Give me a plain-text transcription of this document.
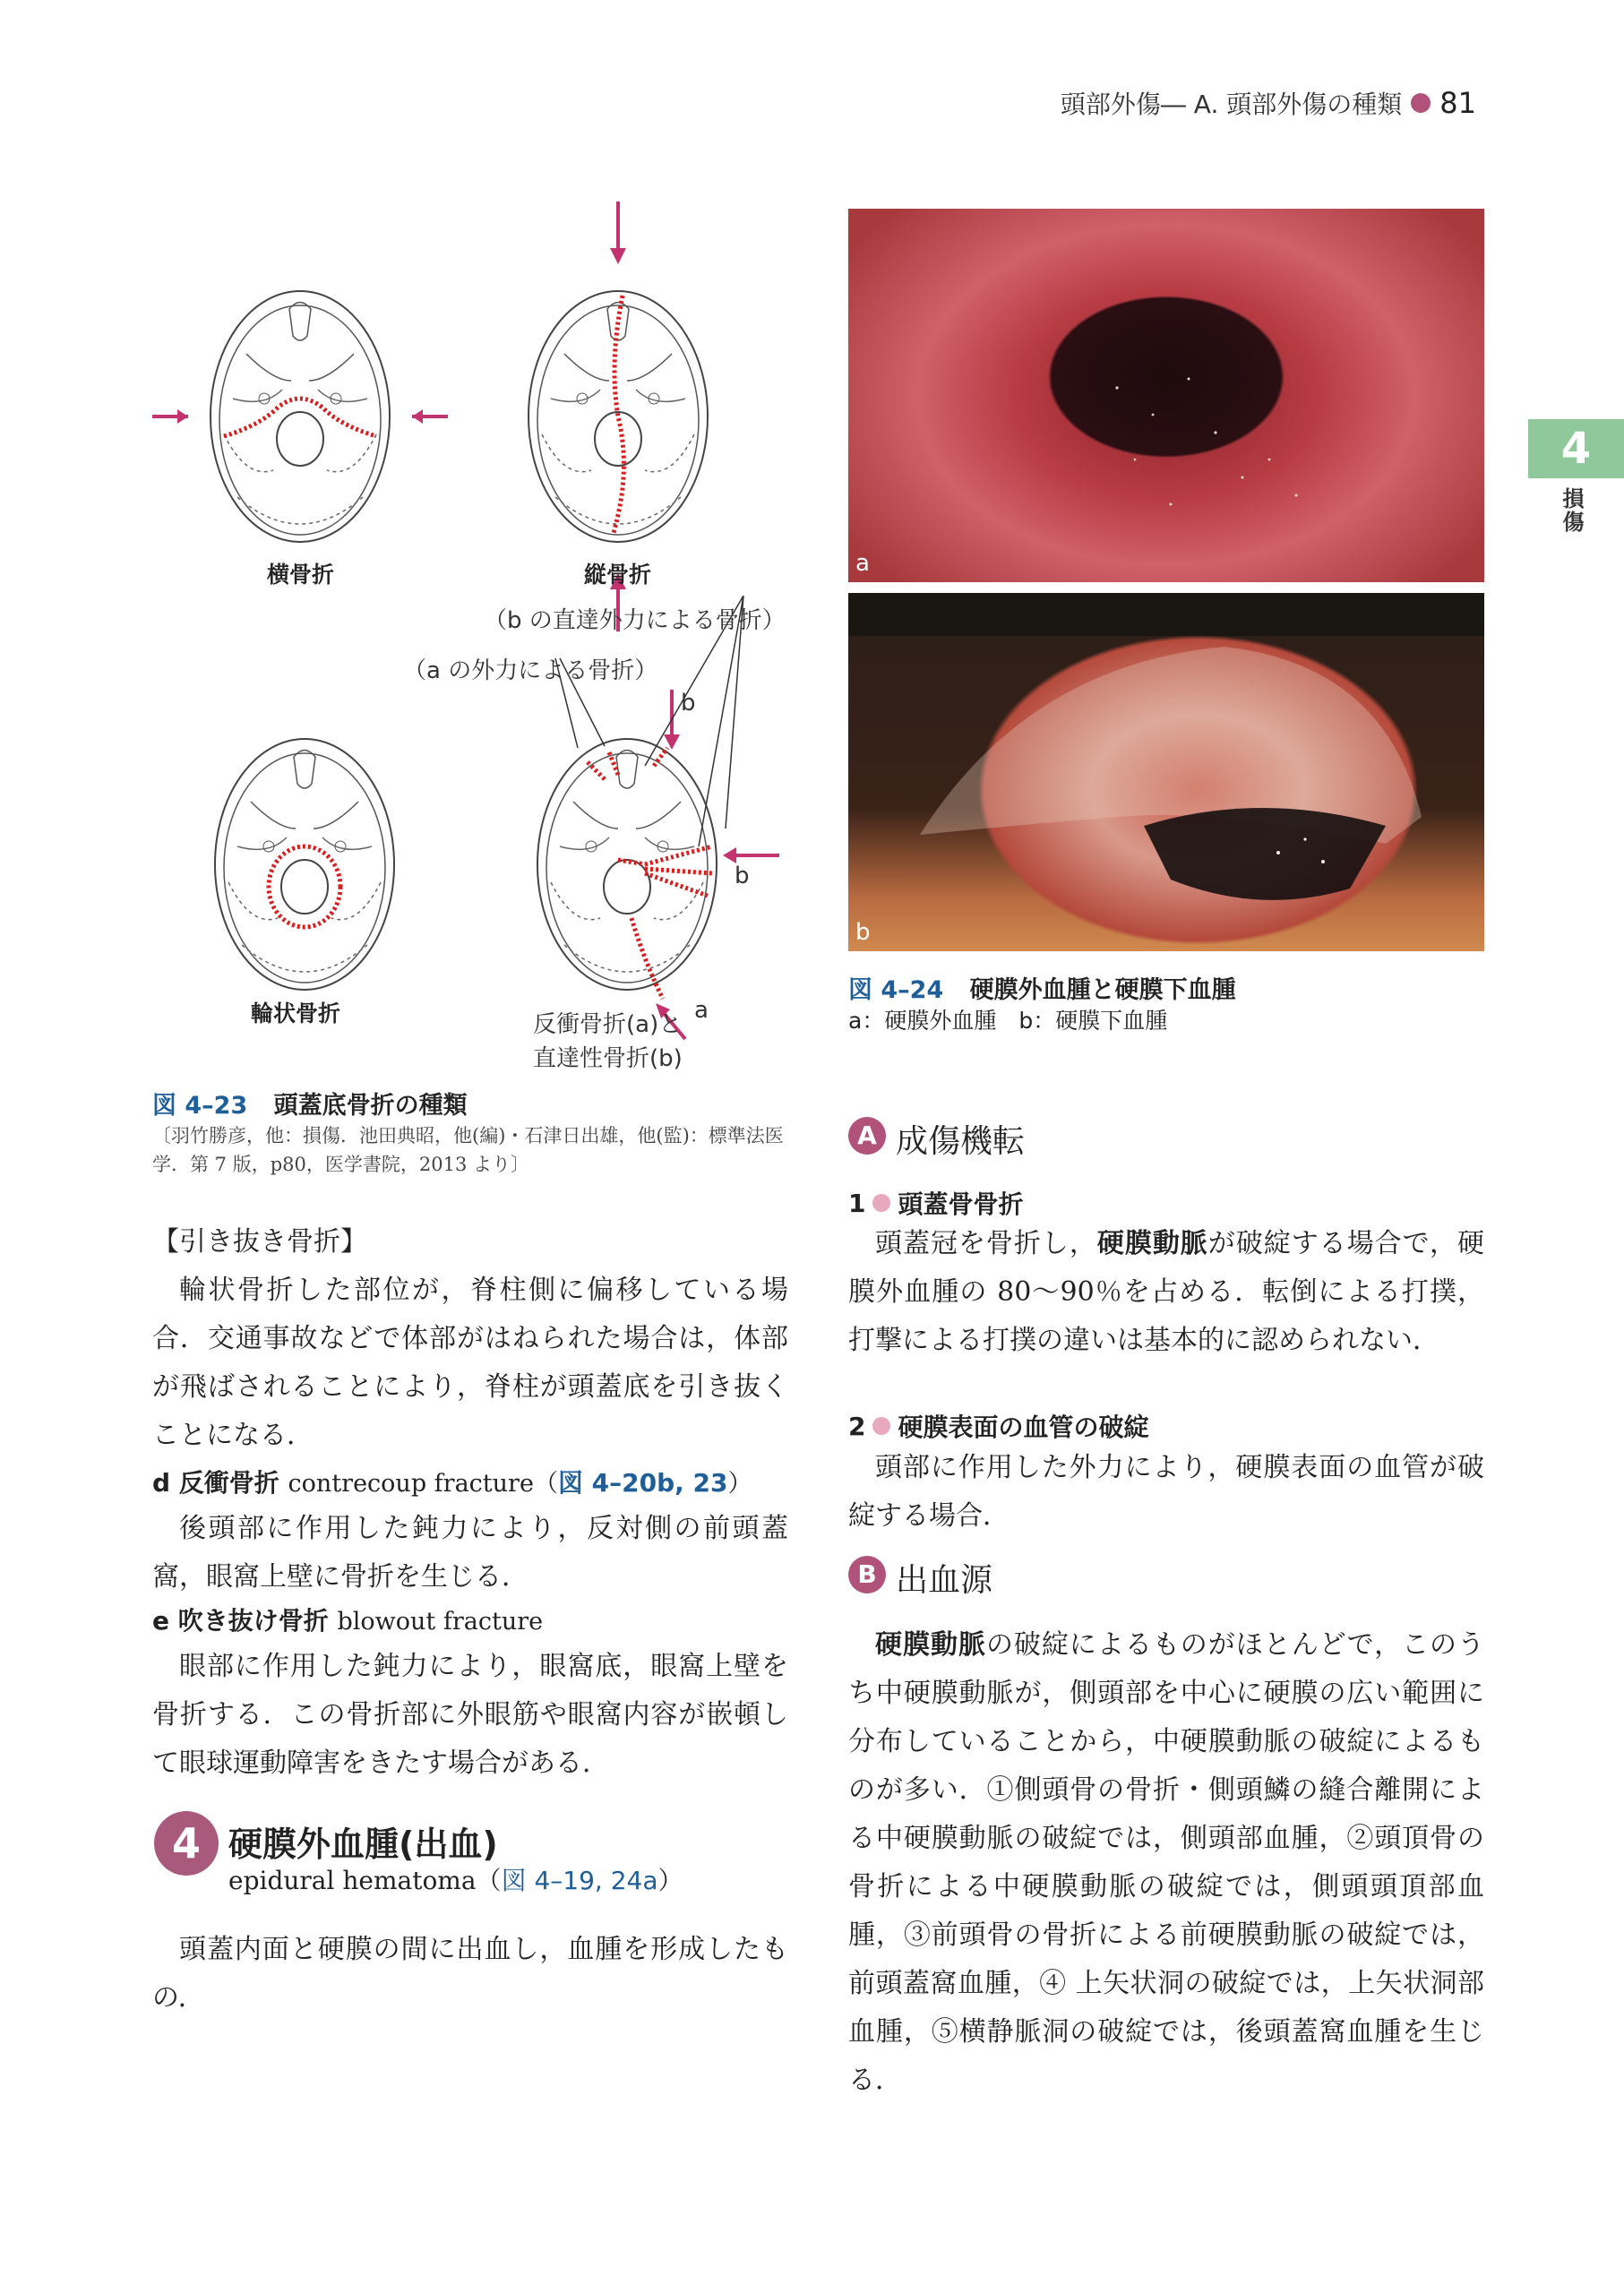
頭部外傷― A. 頭部外傷の種類 81
4
損傷
横骨折	縦骨折
（b の直達外力による骨折）
（a の外力による骨折）
b
b
a
輪状骨折	反衝骨折(a)と
直達性骨折(b)
図 4–23 頭蓋底骨折の種類
〔羽竹勝彦，他：損傷．池田典昭，他(編)・石津日出雄，他(監)：標準法医学．第 7 版，p80，医学書院，2013 より〕
【引き抜き骨折】
輪状骨折した部位が，脊柱側に偏移している場合．交通事故などで体部がはねられた場合は，体部が飛ばされることにより，脊柱が頭蓋底を引き抜くことになる．
d 反衝骨折 contrecoup fracture（図 4–20b, 23）
後頭部に作用した鈍力により，反対側の前頭蓋窩，眼窩上壁に骨折を生じる．
e 吹き抜け骨折 blowout fracture
眼部に作用した鈍力により，眼窩底，眼窩上壁を骨折する．この骨折部に外眼筋や眼窩内容が嵌頓して眼球運動障害をきたす場合がある．
4 硬膜外血腫(出血)
epidural hematoma（図 4–19, 24a）
頭蓋内面と硬膜の間に出血し，血腫を形成したもの．
a
b
図 4–24 硬膜外血腫と硬膜下血腫
a：硬膜外血腫　b：硬膜下血腫
A 成傷機転
1 頭蓋骨骨折
頭蓋冠を骨折し，硬膜動脈が破綻する場合で，硬膜外血腫の 80〜90％を占める．転倒による打撲，打撃による打撲の違いは基本的に認められない．
2 硬膜表面の血管の破綻
頭部に作用した外力により，硬膜表面の血管が破綻する場合．
B 出血源
硬膜動脈の破綻によるものがほとんどで，このうち中硬膜動脈が，側頭部を中心に硬膜の広い範囲に分布していることから，中硬膜動脈の破綻によるものが多い．①側頭骨の骨折・側頭鱗の縫合離開による中硬膜動脈の破綻では，側頭部血腫，②頭頂骨の骨折による中硬膜動脈の破綻では，側頭頭頂部血腫，③前頭骨の骨折による前硬膜動脈の破綻では，前頭蓋窩血腫，④ 上矢状洞の破綻では，上矢状洞部血腫，⑤横静脈洞の破綻では，後頭蓋窩血腫を生じる．
